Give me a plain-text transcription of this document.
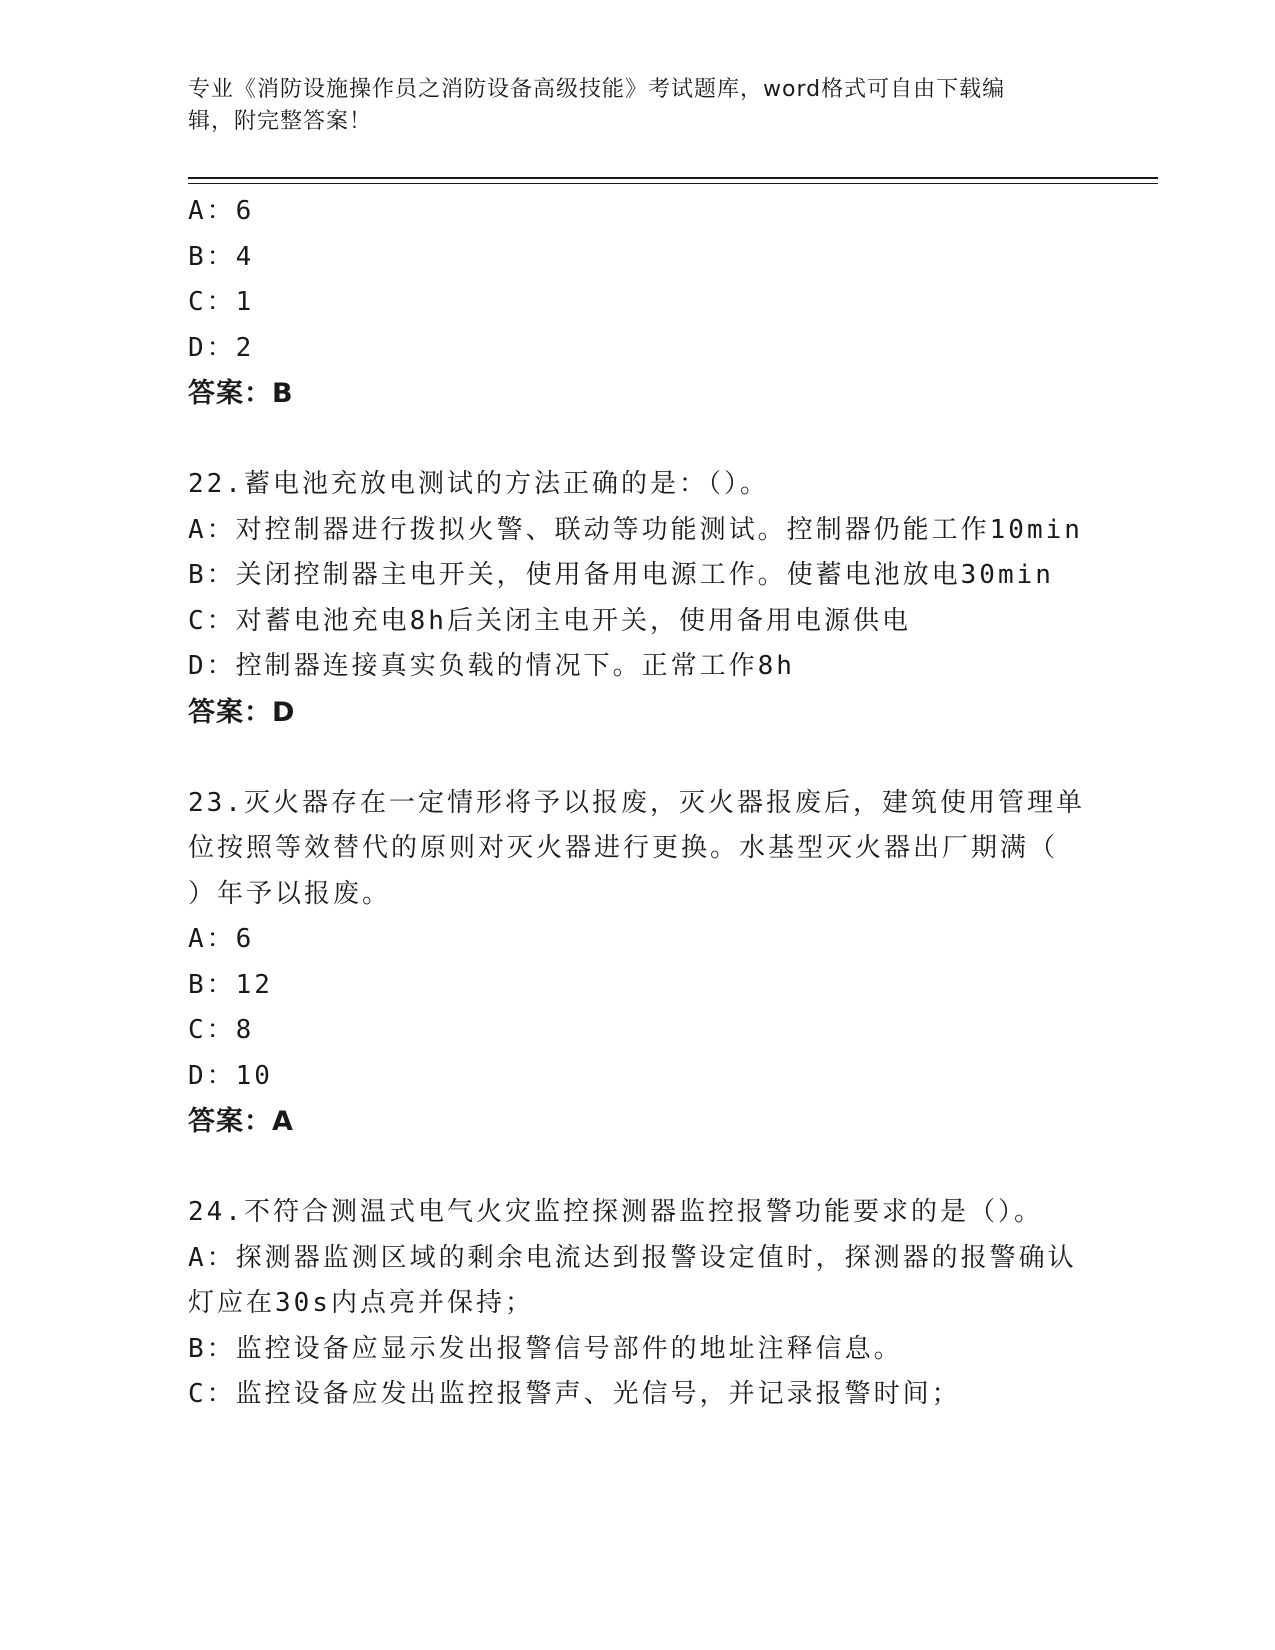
专业《消防设施操作员之消防设备高级技能》考试题库，word格式可自由下载编
辑，附完整答案！
A：6
B：4
C：1
D：2
答案：B
22.蓄电池充放电测试的方法正确的是：（）。
A：对控制器进行拨拟火警、联动等功能测试。控制器仍能工作10min
B：关闭控制器主电开关，使用备用电源工作。使蓄电池放电30min
C：对蓄电池充电8h后关闭主电开关，使用备用电源供电
D：控制器连接真实负载的情况下。正常工作8h
答案：D
23.灭火器存在一定情形将予以报废，灭火器报废后，建筑使用管理单
位按照等效替代的原则对灭火器进行更换。水基型灭火器出厂期满（
）年予以报废。
A：6
B：12
C：8
D：10
答案：A
24.不符合测温式电气火灾监控探测器监控报警功能要求的是（）。
A：探测器监测区域的剩余电流达到报警设定值时，探测器的报警确认
灯应在30s内点亮并保持；
B：监控设备应显示发出报警信号部件的地址注释信息。
C：监控设备应发出监控报警声、光信号，并记录报警时间；
